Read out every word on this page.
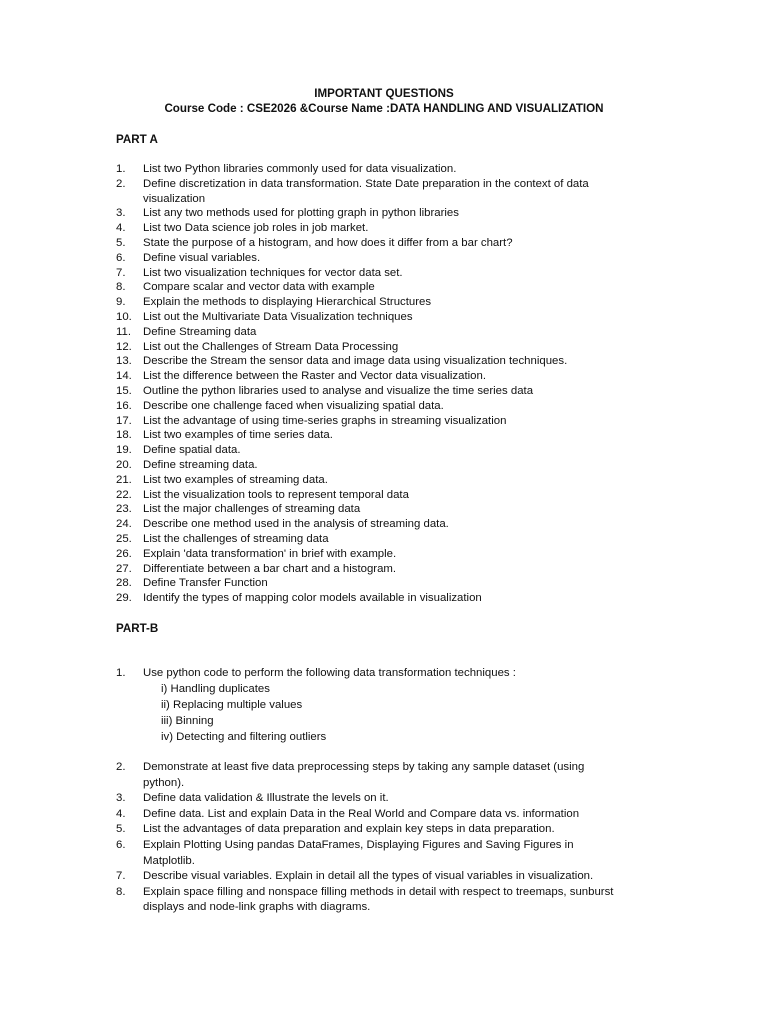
IMPORTANT QUESTIONS
Course Code : CSE2026 &Course Name :DATA HANDLING AND VISUALIZATION
PART A
1. List two Python libraries commonly used for data visualization.
2. Define discretization in data transformation. State Date preparation in the context of data visualization
3. List any two methods used for plotting graph in python libraries
4. List two Data science job roles in job market.
5. State the purpose of a histogram, and how does it differ from a bar chart?
6. Define visual variables.
7. List two visualization techniques for vector data set.
8. Compare scalar and vector data with example
9. Explain the methods to displaying Hierarchical Structures
10. List out the Multivariate Data Visualization techniques
11. Define Streaming data
12. List out the Challenges of Stream Data Processing
13. Describe the Stream the sensor data and image data using visualization techniques.
14. List the difference between the Raster and Vector data visualization.
15. Outline the python libraries used to analyse and visualize the time series data
16. Describe one challenge faced when visualizing spatial data.
17. List the advantage of using time-series graphs in streaming visualization
18. List two examples of time series data.
19. Define spatial data.
20. Define streaming data.
21. List two examples of streaming data.
22. List the visualization tools to represent temporal data
23. List the major challenges of streaming data
24. Describe one method used in the analysis of streaming data.
25. List the challenges of streaming data
26. Explain 'data transformation' in brief with example.
27. Differentiate between a bar chart and a histogram.
28. Define Transfer Function
29. Identify the types of mapping color models available in visualization
PART-B
1. Use python code to perform the following data transformation techniques :
i) Handling duplicates
ii) Replacing multiple values
iii) Binning
iv) Detecting and filtering outliers
2. Demonstrate at least five data preprocessing steps by taking any sample dataset (using python).
3. Define data validation & Illustrate the levels on it.
4. Define data. List and explain Data in the Real World and Compare data vs. information
5. List the advantages of data preparation and explain key steps in data preparation.
6. Explain Plotting Using pandas DataFrames, Displaying Figures and Saving Figures in Matplotlib.
7. Describe visual variables. Explain in detail all the types of visual variables in visualization.
8. Explain space filling and nonspace filling methods in detail with respect to treemaps, sunburst displays and node-link graphs with diagrams.
